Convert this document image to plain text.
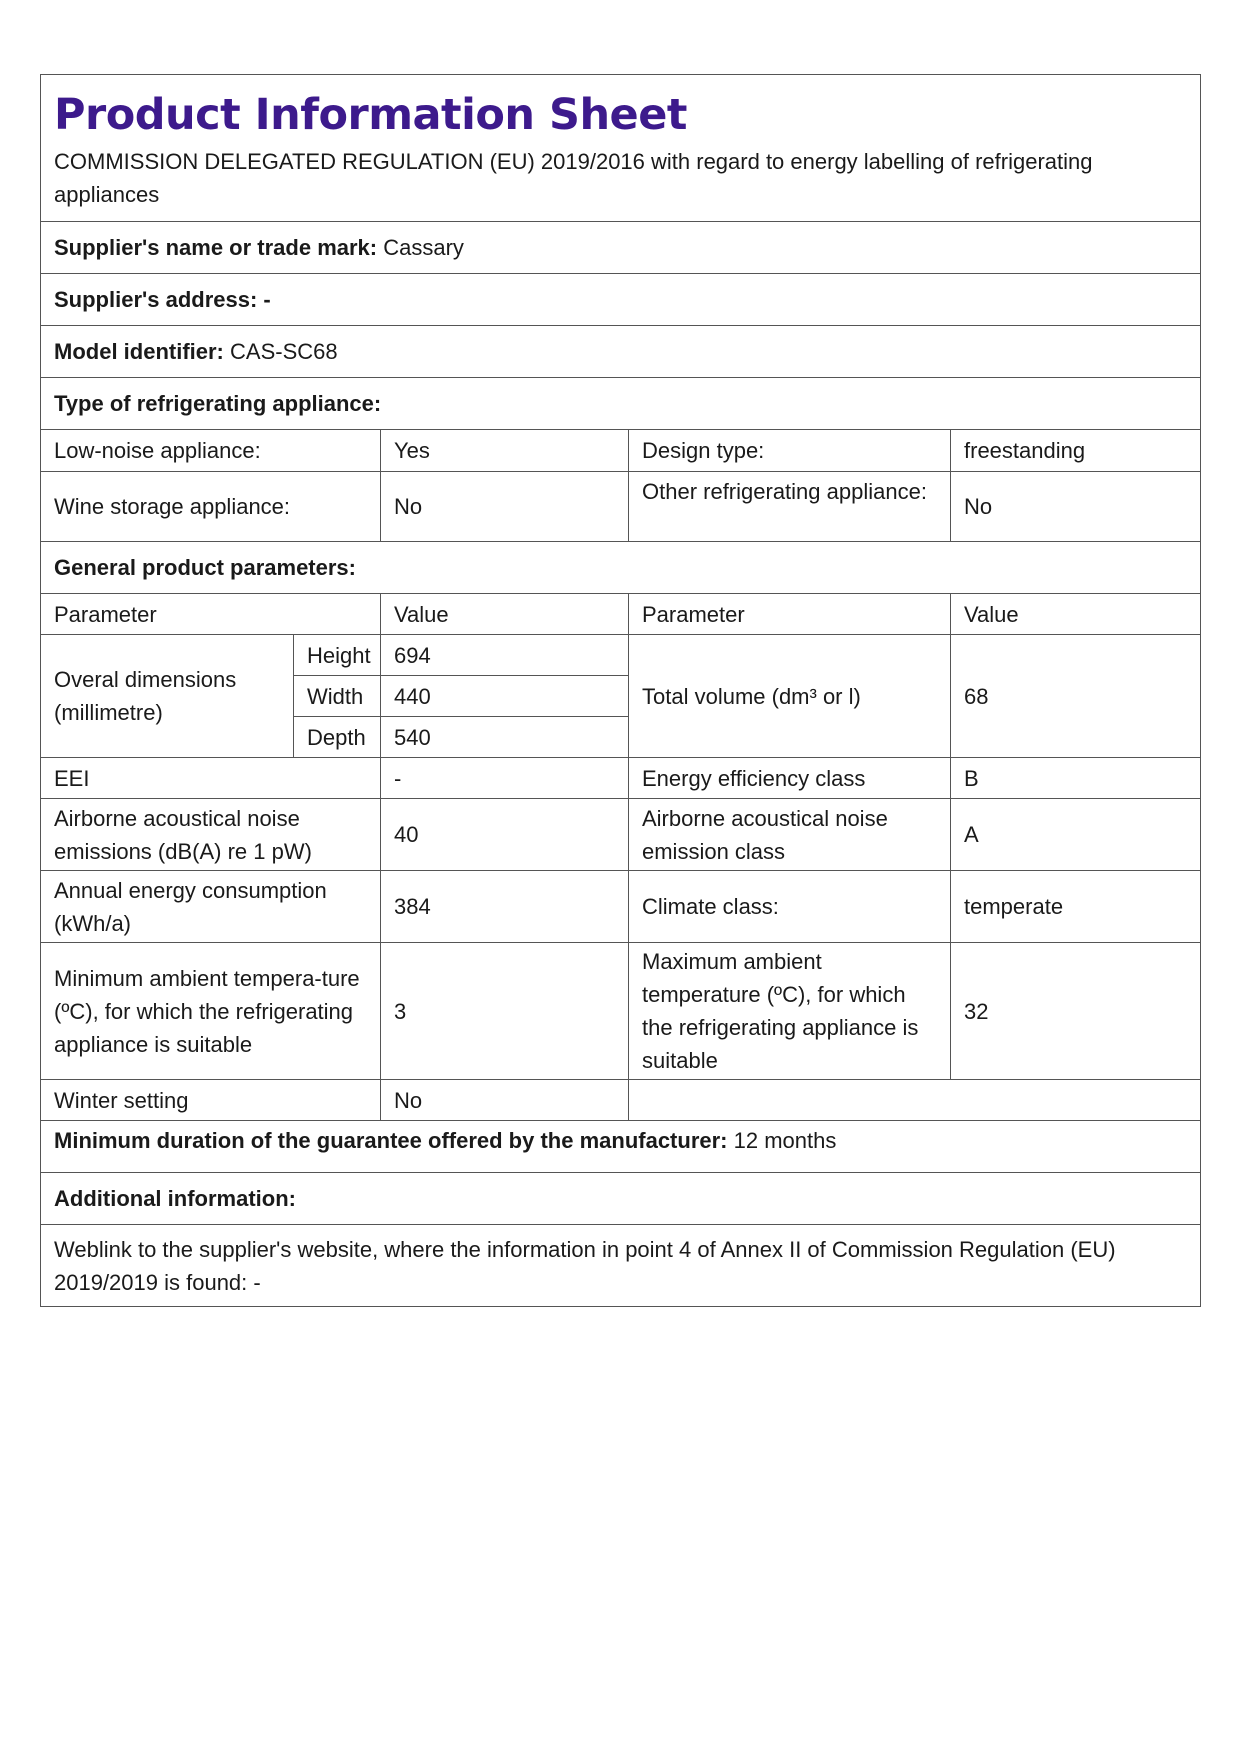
Product Information Sheet
COMMISSION DELEGATED REGULATION (EU) 2019/2016 with regard to energy labelling of refrigerating appliances				

Supplier's name or trade mark: Cassary				
Supplier's address: -				
Model identifier: CAS-SC68				
Type of refrigerating appliance:				
Low-noise appliance:		Yes	Design type:	freestanding
Wine storage appliance:		No	Other refrigerating appliance:	No
General product parameters:				
Parameter		Value	Parameter	Value
Overal dimensions (millimetre)	Height	694	Total volume (dm³ or l)	68
	Width	440		
	Depth	540		
EEI		-	Energy efficiency class	B
Airborne acoustical noise emissions (dB(A) re 1 pW)		40	Airborne acoustical noise emission class	A
Annual energy consumption (kWh/a)		384	Climate class:	temperate
Minimum ambient tempera-ture (ºC), for which the refrigerating appliance is suitable		3	Maximum ambient temperature (ºC), for which the refrigerating appliance is suitable	32
Winter setting		No		
Minimum duration of the guarantee offered by the manufacturer: 12 months				
Additional information:				
Weblink to the supplier's website, where the information in point 4 of Annex II of Commission Regulation (EU) 2019/2019 is found: -				
